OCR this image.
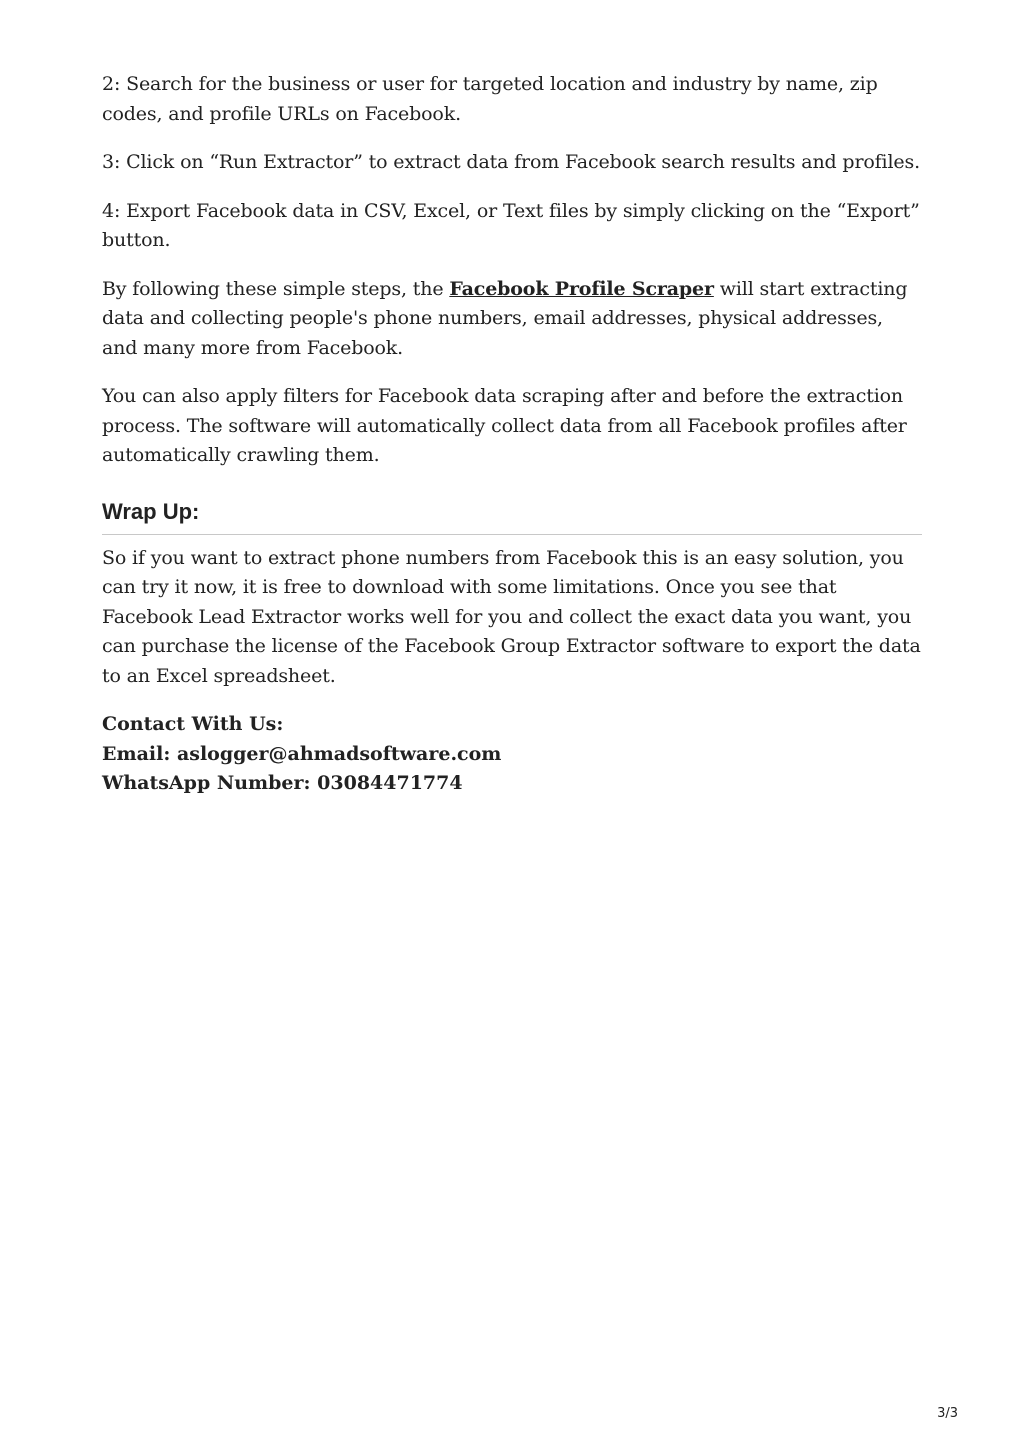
2: Search for the business or user for targeted location and industry by name, zip codes, and profile URLs on Facebook.

3: Click on “Run Extractor” to extract data from Facebook search results and profiles.

4: Export Facebook data in CSV, Excel, or Text files by simply clicking on the “Export” button.

By following these simple steps, the Facebook Profile Scraper will start extracting data and collecting people's phone numbers, email addresses, physical addresses, and many more from Facebook.

You can also apply filters for Facebook data scraping after and before the extraction process. The software will automatically collect data from all Facebook profiles after automatically crawling them.

Wrap Up:

So if you want to extract phone numbers from Facebook this is an easy solution, you can try it now, it is free to download with some limitations. Once you see that Facebook Lead Extractor works well for you and collect the exact data you want, you can purchase the license of the Facebook Group Extractor software to export the data to an Excel spreadsheet.

Contact With Us:
Email: aslogger@ahmadsoftware.com
WhatsApp Number: 03084471774
3/3
